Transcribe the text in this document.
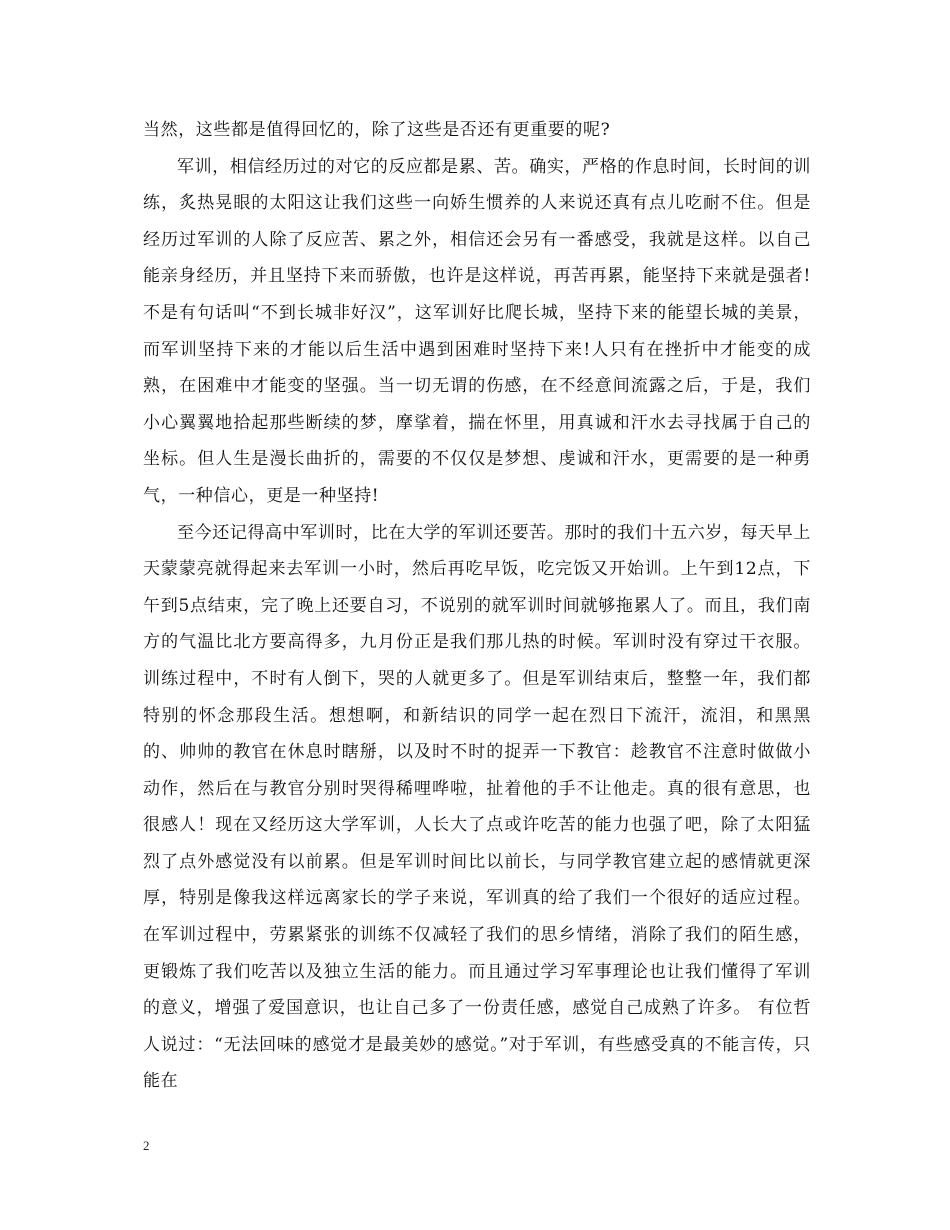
当然，这些都是值得回忆的，除了这些是否还有更重要的呢?

军训，相信经历过的对它的反应都是累、苦。确实，严格的作息时间，长时间的训练，炙热晃眼的太阳这让我们这些一向娇生惯养的人来说还真有点儿吃耐不住。但是经历过军训的人除了反应苦、累之外，相信还会另有一番感受，我就是这样。以自己能亲身经历，并且坚持下来而骄傲，也许是这样说，再苦再累，能坚持下来就是强者!不是有句话叫“不到长城非好汉”，这军训好比爬长城，坚持下来的能望长城的美景，而军训坚持下来的才能以后生活中遇到困难时坚持下来!人只有在挫折中才能变的成熟，在困难中才能变的坚强。当一切无谓的伤感，在不经意间流露之后，于是，我们小心翼翼地拾起那些断续的梦，摩挲着，揣在怀里，用真诚和汗水去寻找属于自己的坐标。但人生是漫长曲折的，需要的不仅仅是梦想、虔诚和汗水，更需要的是一种勇气，一种信心，更是一种坚持!

至今还记得高中军训时，比在大学的军训还要苦。那时的我们十五六岁，每天早上天蒙蒙亮就得起来去军训一小时，然后再吃早饭，吃完饭又开始训。上午到12点，下午到5点结束，完了晚上还要自习，不说别的就军训时间就够拖累人了。而且，我们南方的气温比北方要高得多，九月份正是我们那儿热的时候。军训时没有穿过干衣服。训练过程中，不时有人倒下，哭的人就更多了。但是军训结束后，整整一年，我们都特别的怀念那段生活。想想啊，和新结识的同学一起在烈日下流汗，流泪，和黑黑的、帅帅的教官在休息时瞎掰，以及时不时的捉弄一下教官：趁教官不注意时做做小动作，然后在与教官分别时哭得稀哩哗啦，扯着他的手不让他走。真的很有意思，也很感人！现在又经历这大学军训，人长大了点或许吃苦的能力也强了吧，除了太阳猛烈了点外感觉没有以前累。但是军训时间比以前长，与同学教官建立起的感情就更深厚，特别是像我这样远离家长的学子来说，军训真的给了我们一个很好的适应过程。在军训过程中，劳累紧张的训练不仅减轻了我们的思乡情绪，消除了我们的陌生感，更锻炼了我们吃苦以及独立生活的能力。而且通过学习军事理论也让我们懂得了军训的意义，增强了爱国意识，也让自己多了一份责任感，感觉自己成熟了许多。 有位哲人说过：“无法回味的感觉才是最美妙的感觉。”对于军训，有些感受真的不能言传，只能在

2
